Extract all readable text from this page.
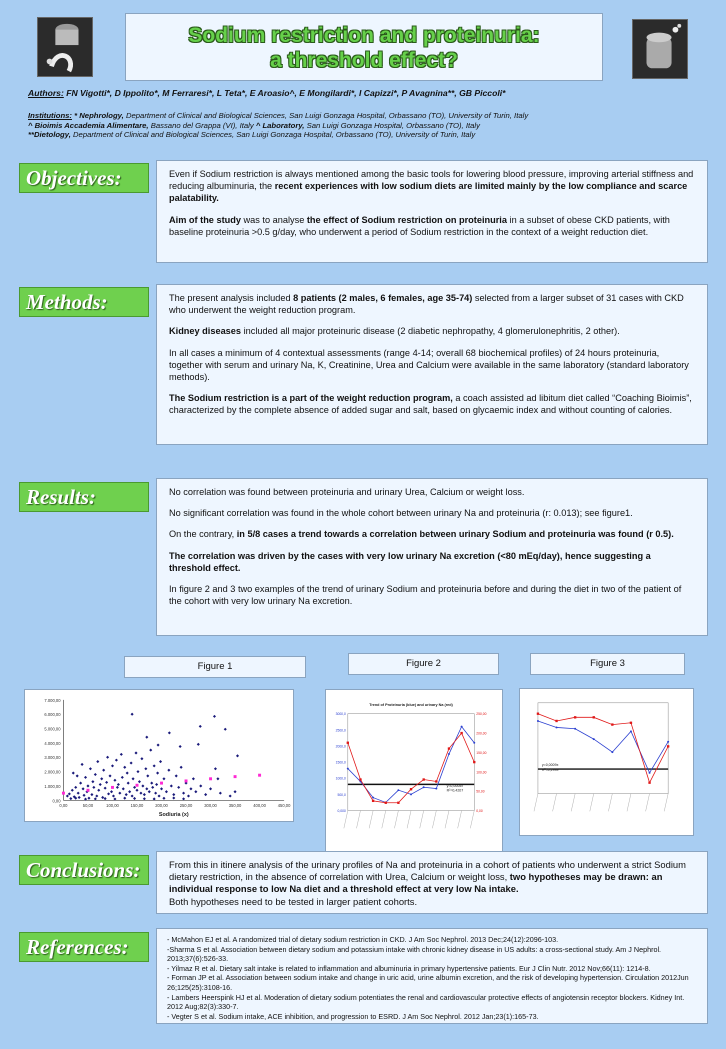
Sodium restriction and proteinuria:
a threshold effect?
Authors: FN Vigotti*, D Ippolito*, M Ferraresi*, L Teta*, E Aroasio^, E Mongilardi*, I Capizzi*, P Avagnina**, GB Piccoli*
Institutions: * Nephrology, Department of Clinical and Biological Sciences, San Luigi Gonzaga Hospital, Orbassano (TO), University of Turin, Italy
^ Bioimis Accademia Alimentare, Bassano del Grappa (VI), Italy ^ Laboratory, San Luigi Gonzaga Hospital, Orbassano (TO), Italy
**Dietology, Department of Clinical and Biological Sciences, San Luigi Gonzaga Hospital, Orbassano (TO), University of Turin, Italy
Objectives:	Even if Sodium restriction is always mentioned among the basic tools for lowering blood pressure, improving arterial stiffness and reducing albuminuria, the recent experiences with low sodium diets are limited mainly by the low compliance and scarce palatability.

Aim of the study was to analyse the effect of Sodium restriction on proteinuria in a subset of obese CKD patients, with baseline proteinuria >0.5 g/day, who underwent a period of Sodium restriction in the context of a weight reduction diet.

Methods:	The present analysis included 8 patients (2 males, 6 females, age 35-74) selected from a larger subset of 31 cases with CKD who underwent the weight reduction program.

Kidney diseases included all major proteinuric disease (2 diabetic nephropathy, 4 glomerulonephritis, 2 other).

In all cases a minimum of 4 contextual assessments (range 4-14; overall 68 biochemical profiles) of 24 hours proteinuria, together with serum and urinary Na, K, Creatinine, Urea and Calcium were available in the same laboratory (standard laboratory methods).

The Sodium restriction is a part of the weight reduction program, a coach assisted ad libitum diet called “Coaching Bioimis”, characterized by the complete absence of added sugar and salt, based on glycaemic index and without counting of calories.

Results:	No correlation was found between proteinuria and urinary Urea, Calcium or weight loss.

No significant correlation was found in the whole cohort between urinary Na and proteinuria (r: 0.013); see figure1.

On the contrary, in 5/8 cases a trend towards a correlation between urinary Sodium and proteinuria was found (r 0.5).

The correlation was driven by the cases with very low urinary Na excretion (<80 mEq/day), hence suggesting a threshold effect.

In figure 2 and 3 two examples of the trend of urinary Sodium and proteinuria before and during the diet in two of the patient of the cohort with very low urinary Na excretion.

Figure 1	Figure 2	Figure 3
0,00
1.000,00
2.000,00
3.000,00
4.000,00
5.000,00
6.000,00
7.000,00
0,00	50,00	100,00	150,00	200,00	250,00	300,00	350,00	400,00	450,00
Sodiuria (x)
Trend of Proteinuria (blue) and urinary Na (red)
0,000
500,0
1000,0
1500,0
2000,0
2500,0
3000,0
0,00
50,00
100,00
150,00
200,00
250,00
y=0,0005x
R²=0,4207
y=0,0009x
R²=0,2999
Conclusions:	From this in itinere analysis of the urinary profiles of Na and proteinuria in a cohort of patients who underwent a strict Sodium dietary restriction, in the absence of correlation with Urea, Calcium or weight loss, two hypotheses may be drawn: an individual response to low Na diet and a threshold effect at very low Na intake.
Both hypotheses need to be tested in larger patient cohorts.
References:	- McMahon EJ et al. A randomized trial of dietary sodium restriction in CKD. J Am Soc Nephrol. 2013 Dec;24(12):2096-103.
-Sharma S et al. Association between dietary sodium and potassium intake with chronic kidney disease in US adults: a cross-sectional study. Am J Nephrol. 2013;37(6):526-33.
- Yilmaz R et al. Dietary salt intake is related to inflammation and albuminuria in primary hypertensive patients. Eur J Clin Nutr. 2012 Nov;66(11): 1214-8.
- Forman JP et al. Association between sodium intake and change in uric acid, urine albumin excretion, and the risk of developing hypertension. Circulation 2012Jun 26;125(25):3108-16.
- Lambers Heerspink HJ et al. Moderation of dietary sodium potentiates the renal and cardiovascular protective effects of angiotensin receptor blockers. Kidney Int. 2012 Aug;82(3):330-7.
- Vegter S et al. Sodium intake, ACE inhibition, and progression to ESRD. J Am Soc Nephrol. 2012 Jan;23(1):165-73.
